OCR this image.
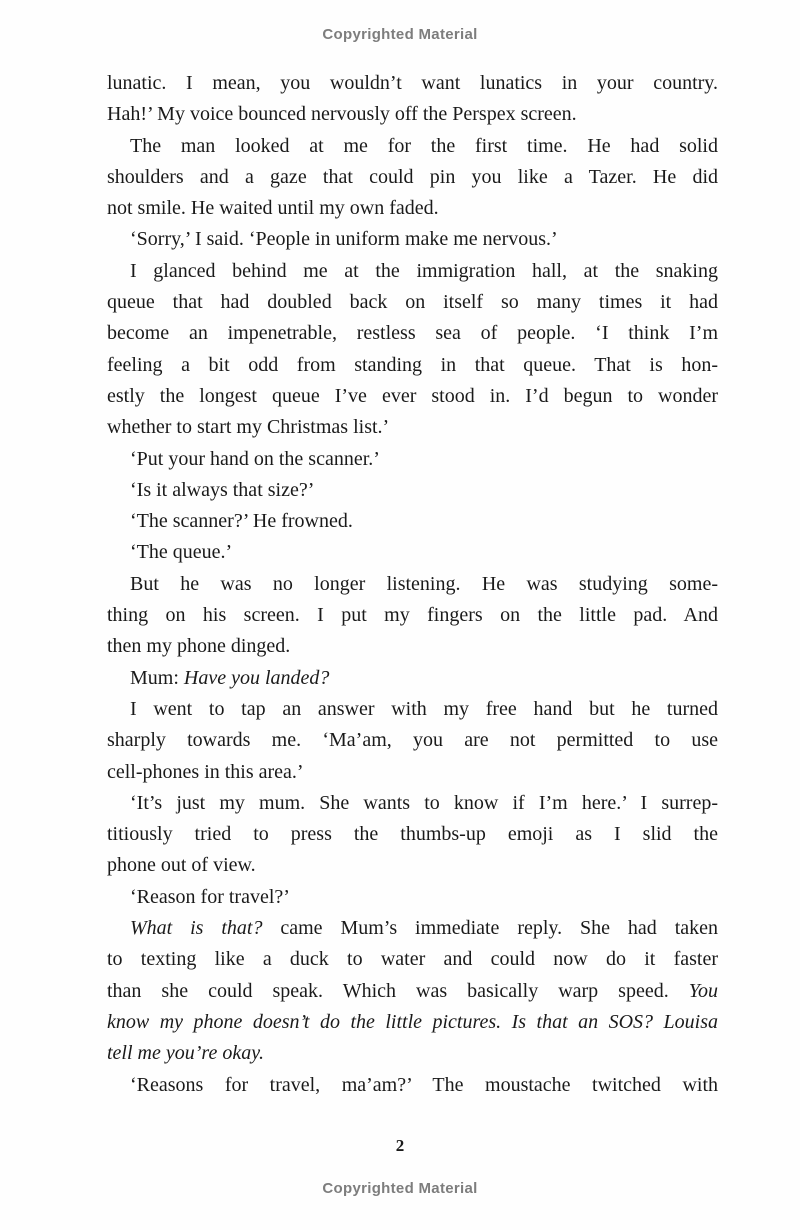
Copyrighted Material
lunatic. I mean, you wouldn’t want lunatics in your country.
Hah!’ My voice bounced nervously off the Perspex screen.
The man looked at me for the first time. He had solid
shoulders and a gaze that could pin you like a Tazer. He did
not smile. He waited until my own faded.
‘Sorry,’ I said. ‘People in uniform make me nervous.’
I glanced behind me at the immigration hall, at the snaking
queue that had doubled back on itself so many times it had
become an impenetrable, restless sea of people. ‘I think I’m
feeling a bit odd from standing in that queue. That is hon-
estly the longest queue I’ve ever stood in. I’d begun to wonder
whether to start my Christmas list.’
‘Put your hand on the scanner.’
‘Is it always that size?’
‘The scanner?’ He frowned.
‘The queue.’
But he was no longer listening. He was studying some-
thing on his screen. I put my fingers on the little pad. And
then my phone dinged.
Mum: Have you landed?
I went to tap an answer with my free hand but he turned
sharply towards me. ‘Ma’am, you are not permitted to use
cell-phones in this area.’
‘It’s just my mum. She wants to know if I’m here.’ I surrep-
titiously tried to press the thumbs-up emoji as I slid the
phone out of view.
‘Reason for travel?’
What is that? came Mum’s immediate reply. She had taken
to texting like a duck to water and could now do it faster
than she could speak. Which was basically warp speed. You
know my phone doesn’t do the little pictures. Is that an SOS? Louisa
tell me you’re okay.
‘Reasons for travel, ma’am?’ The moustache twitched with
2
Copyrighted Material
